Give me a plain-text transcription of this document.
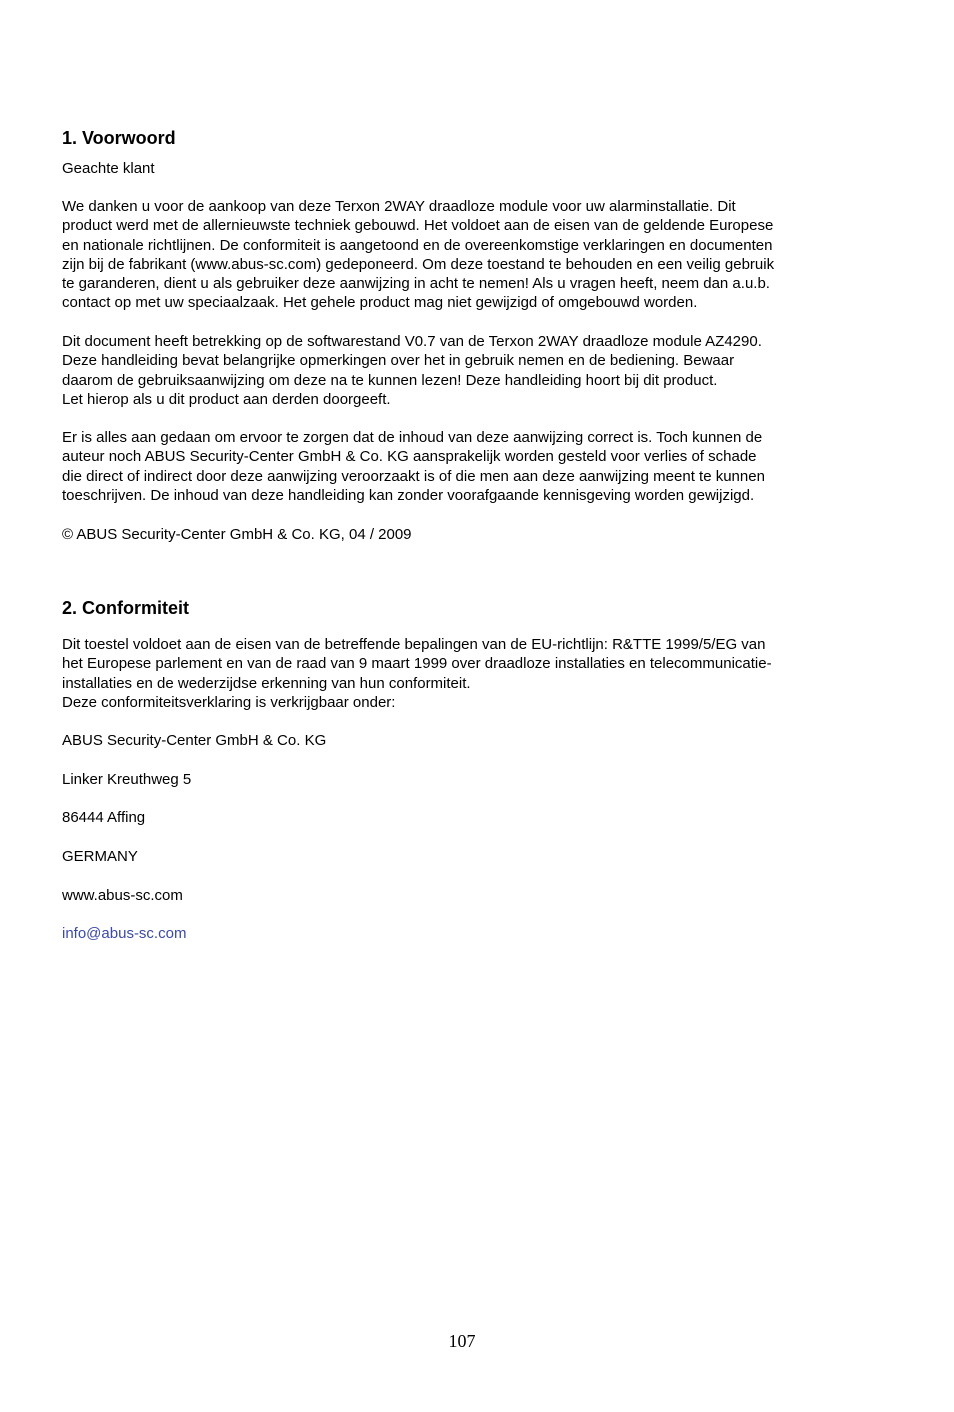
1. Voorwoord

Geachte klant

We danken u voor de aankoop van deze Terxon 2WAY draadloze module voor uw alarminstallatie. Dit
product werd met de allernieuwste techniek gebouwd. Het voldoet aan de eisen van de geldende Europese
en nationale richtlijnen. De conformiteit is aangetoond en de overeenkomstige verklaringen en documenten
zijn bij de fabrikant (www.abus-sc.com) gedeponeerd. Om deze toestand te behouden en een veilig gebruik
te garanderen, dient u als gebruiker deze aanwijzing in acht te nemen! Als u vragen heeft, neem dan a.u.b.
contact op met uw speciaalzaak. Het gehele product mag niet gewijzigd of omgebouwd worden.

Dit document heeft betrekking op de softwarestand V0.7 van de Terxon 2WAY draadloze module AZ4290.
Deze handleiding bevat belangrijke opmerkingen over het in gebruik nemen en de bediening. Bewaar
daarom de gebruiksaanwijzing om deze na te kunnen lezen! Deze handleiding hoort bij dit product.
Let hierop als u dit product aan derden doorgeeft.

Er is alles aan gedaan om ervoor te zorgen dat de inhoud van deze aanwijzing correct is. Toch kunnen de
auteur noch ABUS Security-Center GmbH & Co. KG aansprakelijk worden gesteld voor verlies of schade
die direct of indirect door deze aanwijzing veroorzaakt is of die men aan deze aanwijzing meent te kunnen
toeschrijven. De inhoud van deze handleiding kan zonder voorafgaande kennisgeving worden gewijzigd.

© ABUS Security-Center GmbH & Co. KG, 04 / 2009

2. Conformiteit

Dit toestel voldoet aan de eisen van de betreffende bepalingen van de EU-richtlijn: R&TTE 1999/5/EG van
het Europese parlement en van de raad van 9 maart 1999 over draadloze installaties en telecommunicatie-
installaties en de wederzijdse erkenning van hun conformiteit.
Deze conformiteitsverklaring is verkrijgbaar onder:

ABUS Security-Center GmbH & Co. KG

Linker Kreuthweg 5

86444 Affing

GERMANY

www.abus-sc.com

info@abus-sc.com

107
